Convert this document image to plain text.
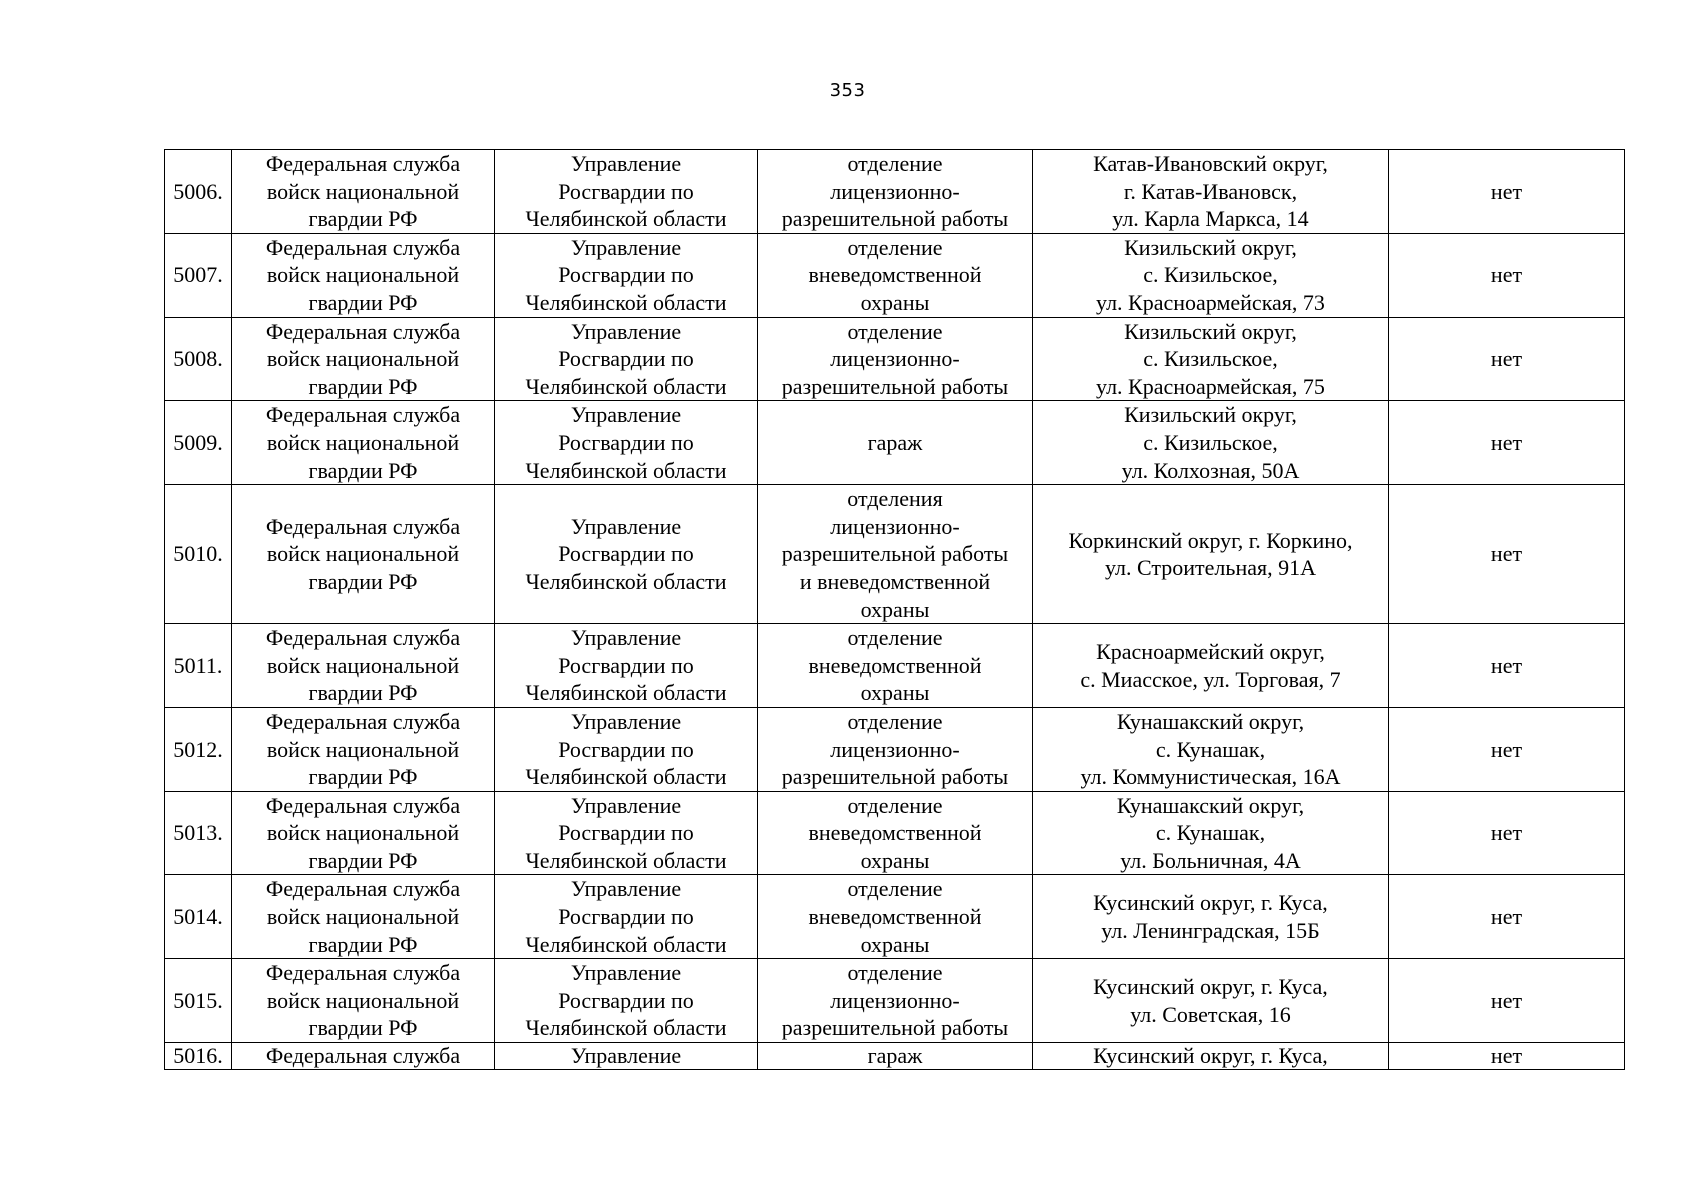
353
5006.	Федеральная служба
войск национальной
гвардии РФ	Управление
Росгвардии по
Челябинской области	отделение
лицензионно-
разрешительной работы	Катав-Ивановский округ,
г. Катав-Ивановск,
ул. Карла Маркса, 14	нет
5007.	Федеральная служба
войск национальной
гвардии РФ	Управление
Росгвардии по
Челябинской области	отделение
вневедомственной
охраны	Кизильский округ,
с. Кизильское,
ул. Красноармейская, 73	нет
5008.	Федеральная служба
войск национальной
гвардии РФ	Управление
Росгвардии по
Челябинской области	отделение
лицензионно-
разрешительной работы	Кизильский округ,
с. Кизильское,
ул. Красноармейская, 75	нет
5009.	Федеральная служба
войск национальной
гвардии РФ	Управление
Росгвардии по
Челябинской области	гараж	Кизильский округ,
с. Кизильское,
ул. Колхозная, 50А	нет
5010.	Федеральная служба
войск национальной
гвардии РФ	Управление
Росгвардии по
Челябинской области	отделения
лицензионно-
разрешительной работы
и вневедомственной
охраны	Коркинский округ, г. Коркино,
ул. Строительная, 91А	нет
5011.	Федеральная служба
войск национальной
гвардии РФ	Управление
Росгвардии по
Челябинской области	отделение
вневедомственной
охраны	Красноармейский округ,
с. Миасское, ул. Торговая, 7	нет
5012.	Федеральная служба
войск национальной
гвардии РФ	Управление
Росгвардии по
Челябинской области	отделение
лицензионно-
разрешительной работы	Кунашакский округ,
с. Кунашак,
ул. Коммунистическая, 16А	нет
5013.	Федеральная служба
войск национальной
гвардии РФ	Управление
Росгвардии по
Челябинской области	отделение
вневедомственной
охраны	Кунашакский округ,
с. Кунашак,
ул. Больничная, 4А	нет
5014.	Федеральная служба
войск национальной
гвардии РФ	Управление
Росгвардии по
Челябинской области	отделение
вневедомственной
охраны	Кусинский округ, г. Куса,
ул. Ленинградская, 15Б	нет
5015.	Федеральная служба
войск национальной
гвардии РФ	Управление
Росгвардии по
Челябинской области	отделение
лицензионно-
разрешительной работы	Кусинский округ, г. Куса,
ул. Советская, 16	нет
5016.	Федеральная служба	Управление	гараж	Кусинский округ, г. Куса,	нет
